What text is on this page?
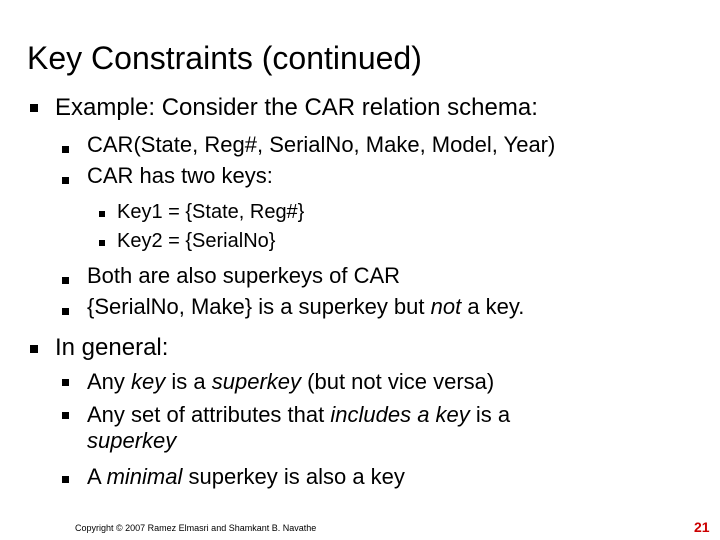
Key Constraints (continued)
Example: Consider the CAR relation schema:
CAR(State, Reg#, SerialNo, Make, Model, Year)
CAR has two keys:
Key1 = {State, Reg#}
Key2 = {SerialNo}
Both are also superkeys of CAR
{SerialNo, Make} is a superkey but not a key.
In general:
Any key is a superkey (but not vice versa)
Any set of attributes that includes a key is a
superkey
A minimal superkey is also a key
Copyright © 2007 Ramez Elmasri and Shamkant B. Navathe	21
